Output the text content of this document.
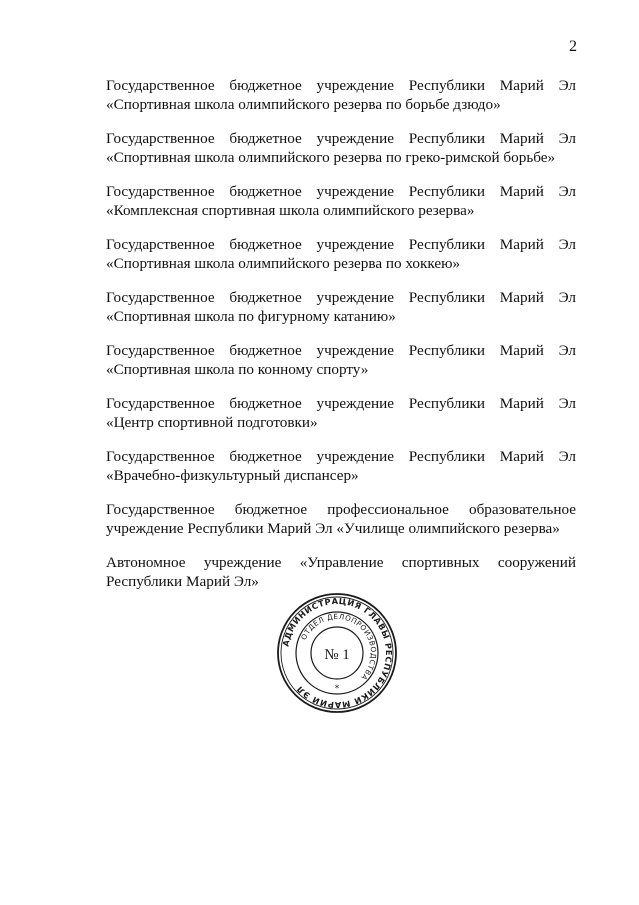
2
Государственное бюджетное учреждение Республики Марий Эл
«Спортивная школа олимпийского резерва по борьбе дзюдо»
Государственное бюджетное учреждение Республики Марий Эл
«Спортивная школа олимпийского резерва по греко-римской борьбе»
Государственное бюджетное учреждение Республики Марий Эл
«Комплексная спортивная школа олимпийского резерва»
Государственное бюджетное учреждение Республики Марий Эл
«Спортивная школа олимпийского резерва по хоккею»
Государственное бюджетное учреждение Республики Марий Эл
«Спортивная школа по фигурному катанию»
Государственное бюджетное учреждение Республики Марий Эл
«Спортивная школа по конному спорту»
Государственное бюджетное учреждение Республики Марий Эл
«Центр спортивной подготовки»
Государственное бюджетное учреждение Республики Марий Эл
«Врачебно-физкультурный диспансер»
Государственное бюджетное профессиональное образовательное
учреждение Республики Марий Эл «Училище олимпийского резерва»
Автономное учреждение «Управление спортивных сооружений
Республики Марий Эл»
АДМИНИСТРАЦИЯ ГЛАВЫ РЕСПУБЛИКИ МАРИЙ ЭЛ
ОТДЕЛ ДЕЛОПРОИЗВОДСТВА
№ 1
*
